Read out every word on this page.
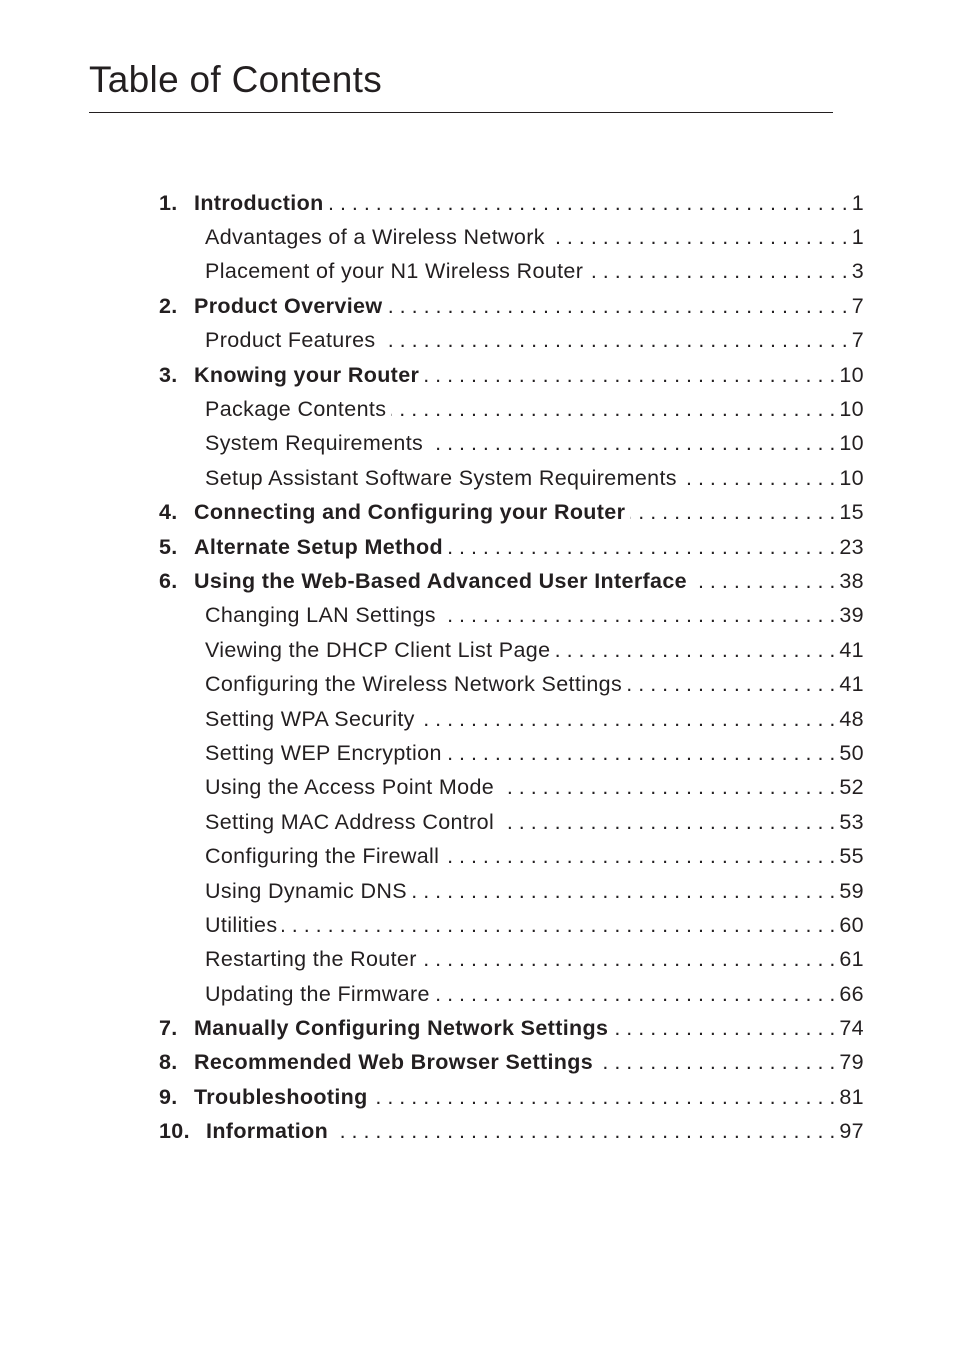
Table of Contents
1. Introduction . . .	1
Advantages of a Wireless Network . . .	1
Placement of your N1 Wireless Router . . .	3
2. Product Overview . . .	7
Product Features . . .	7
3. Knowing your Router . . .	10
Package Contents . . .	10
System Requirements . . .	10
Setup Assistant Software System Requirements . . .	10
4. Connecting and Configuring your Router . . .	15
5. Alternate Setup Method . . .	23
6. Using the Web-Based Advanced User Interface . . .	38
Changing LAN Settings . . .	39
Viewing the DHCP Client List Page . . .	41
Configuring the Wireless Network Settings . . .	41
Setting WPA Security . . .	48
Setting WEP Encryption . . .	50
Using the Access Point Mode . . .	52
Setting MAC Address Control . . .	53
Configuring the Firewall . . .	55
Using Dynamic DNS . . .	59
Utilities . . .	60
Restarting the Router . . .	61
Updating the Firmware . . .	66
7. Manually Configuring Network Settings . . .	74
8. Recommended Web Browser Settings . . .	79
9. Troubleshooting . . .	81
10. Information . . .	97
